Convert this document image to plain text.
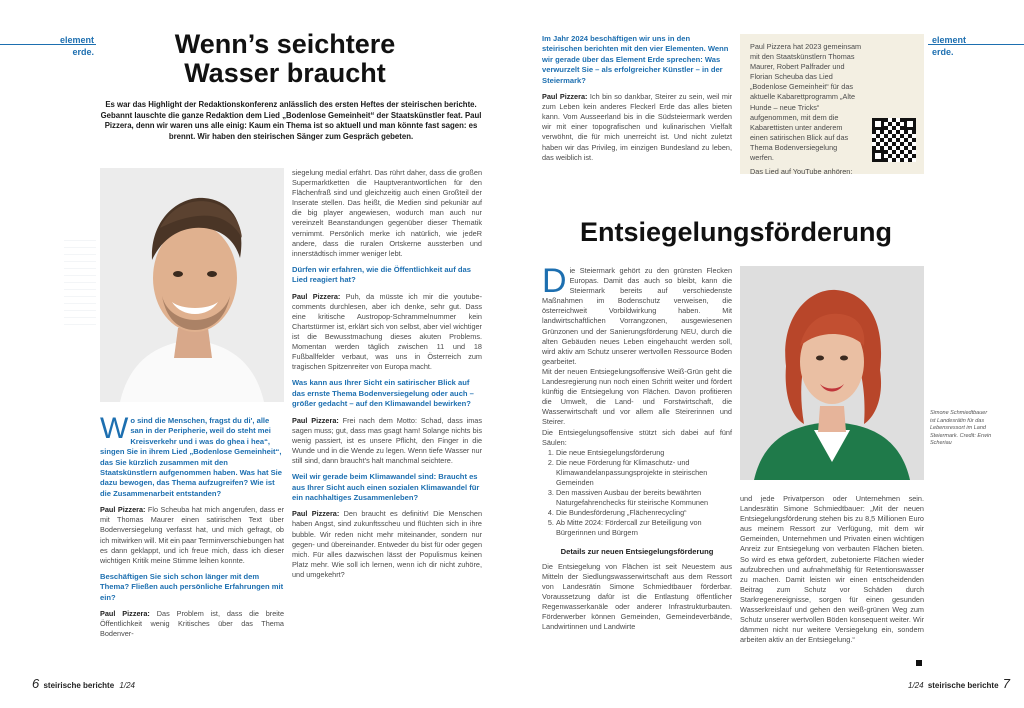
element
erde.	Wenn’s seichtere
Wasser braucht
Es war das Highlight der Redaktionskonferenz anlässlich des ersten Heftes der steirischen berichte. Gebannt lauschte die ganze Redaktion dem Lied „Bodenlose Gemeinheit“ der Staatskünstler feat. Paul Pizzera, denn wir waren uns alle einig: Kaum ein Thema ist so aktuell und man könnte fast sagen: es brennt. Wir haben den steirischen Sänger zum Gespräch gebeten.
W o sind die Menschen, fragst du di', alle san in der Peripherie, weil do steht mei Kreisverkehr und i was do ghea i hea“, singen Sie in ihrem Lied „Bodenlose Gemeinheit“, das Sie kürzlich zusammen mit den Staatskünstlern aufgenommen haben. Was hat Sie dazu bewogen, das Thema aufzugreifen? Wie ist die Zusammenarbeit entstanden?
Paul Pizzera: Flo Scheuba hat mich angerufen, dass er mit Thomas Maurer einen satirischen Text über Bodenversiegelung verfasst hat, und mich gefragt, ob ich mitwirken will. Mit ein paar Terminverschiebungen hat es dann geklappt, und ich freue mich, dass ich dieser wichtigen Kritik meine Stimme leihen konnte.
Beschäftigen Sie sich schon länger mit dem Thema? Fließen auch persönliche Erfahrungen mit ein?
Paul Pizzera: Das Problem ist, dass die breite Öffentlichkeit wenig Kritisches über das Thema Bodenver-
siegelung medial erfährt. Das rührt daher, dass die großen Supermarktketten die Hauptverantwortlichen für den Flächenfraß sind und gleichzeitig auch einen Großteil der Inserate stellen. Das heißt, die Medien sind pekuniär auf die big player angewiesen, wodurch man auch nur vereinzelt Beanstandungen gegenüber dieser Thematik vernimmt. Persönlich merke ich natürlich, wie jedeR andere, dass die ruralen Ortskerne aussterben und innerstädtisch immer weniger lebt.
Dürfen wir erfahren, wie die Öffentlichkeit auf das Lied reagiert hat?
Paul Pizzera: Puh, da müsste ich mir die youtube-comments durchlesen, aber ich denke, sehr gut. Dass eine kritische Austropop-Schrammelnummer kein Chartstürmer ist, erklärt sich von selbst, aber viel wichtiger ist die Bewusstmachung dieses akuten Problems. Momentan werden täglich zwischen 11 und 18 Fußballfelder verbaut, was uns in Österreich zum tragischen Spitzenreiter von Europa macht.
Was kann aus Ihrer Sicht ein satirischer Blick auf das ernste Thema Bodenversiegelung oder auch – größer gedacht – auf den Klimawandel bewirken?
Paul Pizzera: Frei nach dem Motto: Schad, dass imas sagen muss; gut, dass mas gsagt ham! Solange nichts bis wenig passiert, ist es unsere Pflicht, den Finger in die Wunde und in die Wende zu legen. Wenn tiefe Wasser nur still sind, dann braucht’s halt manchmal seichtere.
Weil wir gerade beim Klimawandel sind: Braucht es aus Ihrer Sicht auch einen sozialen Klimawandel für ein nachhaltiges Zusammenleben?
Paul Pizzera: Den braucht es definitiv! Die Menschen haben Angst, sind zukunftsscheu und flüchten sich in ihre bubble. Wir reden nicht mehr miteinander, sondern nur gegen- und übereinander. Entweder du bist für oder gegen mich. Für alles dazwischen lässt der Populismus keinen Platz mehr. Wie soll ich lernen, wenn ich dir nicht zuhöre, und umgekehrt?
6 steirische berichte 1/24
element
erde.
Im Jahr 2024 beschäftigen wir uns in den steirischen berichten mit den vier Elementen. Wenn wir gerade über das Element Erde sprechen: Was verwurzelt Sie – als erfolgreicher Künstler – in der Steiermark?
Paul Pizzera: Ich bin so dankbar, Steirer zu sein, weil mir zum Leben kein anderes Fleckerl Erde das alles bieten kann. Vom Ausseerland bis in die Südsteiermark werden wir mit einer topografischen und kulinarischen Vielfalt verwöhnt, die für mich unerreicht ist. Und nicht zuletzt haben wir das Privileg, im einzigen Bundesland zu leben, das weiblich ist.
Paul Pizzera hat 2023 gemeinsam mit den Staatskünstlern Thomas Maurer, Robert Palfrader und Florian Scheuba das Lied „Bodenlose Gemeinheit“ für das aktuelle Kabarettprogramm „Alte Hunde – neue Tricks“ aufgenommen, mit dem die Kabarettisten unter anderem einen satirischen Blick auf das Thema Bodenversiegelung werfen.
Das Lied auf YouTube anhören:
Entsiegelungsförderung
D ie Steiermark gehört zu den grünsten Flecken Europas. Damit das auch so bleibt, kann die Steiermark bereits auf verschiedenste Maßnahmen im Bodenschutz verweisen, die österreichweit Vorbildwirkung haben. Mit landwirtschaftlichen Vorrangzonen, ausgewiesenen Grünzonen und der Sanierungsförderung NEU, durch die alten Gebäuden neues Leben eingehaucht werden soll, wird aktiv am Schutz unserer wertvollen Ressource Boden gearbeitet.
Mit der neuen Entsiegelungsoffensive Weiß-Grün geht die Landesregierung nun noch einen Schritt weiter und fördert künftig die Entsiegelung von Flächen. Davon profitieren die Umwelt, die Land- und Forstwirtschaft, die Wasserwirtschaft und vor allem alle Steirerinnen und Steirer.
Die Entsiegelungsoffensive stützt sich dabei auf fünf Säulen:
1. Die neue Entsiegelungsförderung
2. Die neue Förderung für Klimaschutz- und Klimawandelanpassungsprojekte in steirischen Gemeinden
3. Den massiven Ausbau der bereits bewährten Naturgefahrenchecks für steirische Kommunen
4. Die Bundesförderung „Flächenrecycling“
5. Ab Mitte 2024: Fördercall zur Beteiligung von Bürgerinnen und Bürgern
Details zur neuen Entsiegelungsförderung
Die Entsiegelung von Flächen ist seit Neuestem aus Mitteln der Siedlungswasserwirtschaft aus dem Ressort von Landesrätin Simone Schmiedtbauer förderbar. Voraussetzung dafür ist die Entlastung öffentlicher Regenwasserkanäle oder anderer Infrastrukturbauten. Förderwerber können Gemeinden, Gemeindeverbände, Landwirtinnen und Landwirte
Simone Schmiedtbauer ist Landesrätin für das Lebensressort im Land Steiermark. Credit: Erwin Scheriau
und jede Privatperson oder Unternehmen sein. Landesrätin Simone Schmiedtbauer: „Mit der neuen Entsiegelungsförderung stehen bis zu 8,5 Millionen Euro aus meinem Ressort zur Verfügung, mit dem wir Gemeinden, Unternehmen und Privaten einen wichtigen Anreiz zur Entsiegelung von verbauten Flächen bieten. So wird es etwa gefördert, zubetonierte Flächen wieder aufzubrechen und aufnahmefähig für Retentionswasser zu machen. Damit leisten wir einen entscheidenden Beitrag zum Schutz vor Schäden durch Starkregenereignisse, sorgen für einen gesunden Wasserkreislauf und gehen den weiß-grünen Weg zum Schutz unserer wertvollen Böden konsequent weiter. Wir dämmen nicht nur weitere Versiegelung ein, sondern arbeiten aktiv an der Entsiegelung.“
1/24 steirische berichte 7
